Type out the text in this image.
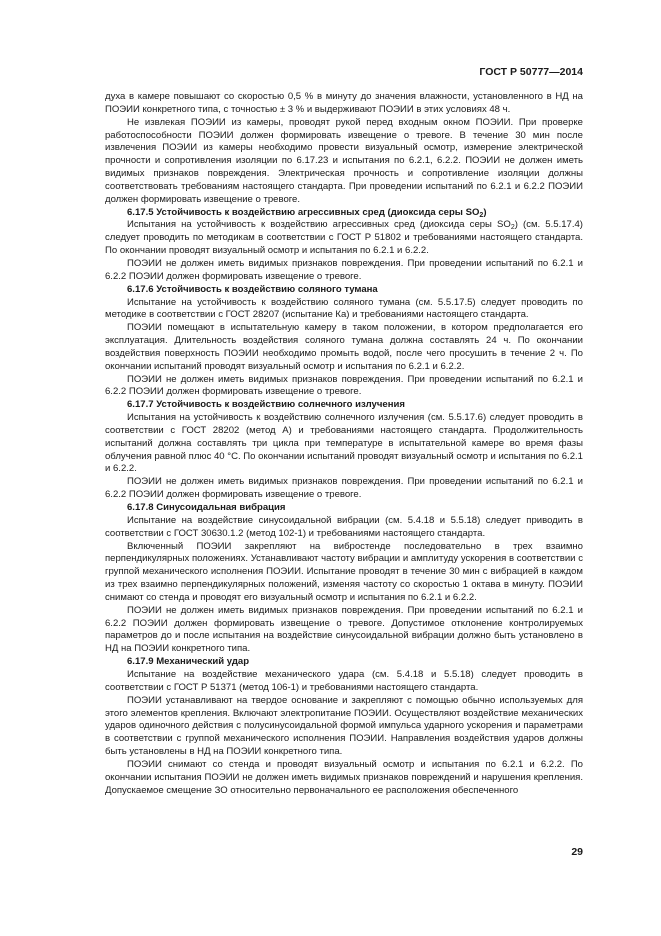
ГОСТ Р 50777—2014

духа в камере повышают со скоростью 0,5 % в минуту до значения влажности, установленного в НД на ПОЭИИ конкретного типа, с точностью ± 3 % и выдерживают ПОЭИИ в этих условиях 48 ч.

Не извлекая ПОЭИИ из камеры, проводят рукой перед входным окном ПОЭИИ. При проверке работоспособности ПОЭИИ должен формировать извещение о тревоге. В течение 30 мин после извлечения ПОЭИИ из камеры необходимо провести визуальный осмотр, измерение электрической прочности и сопротивления изоляции по 6.17.23 и испытания по 6.2.1, 6.2.2. ПОЭИИ не должен иметь видимых признаков повреждения. Электрическая прочность и сопротивление изоляции должны соответствовать требованиям настоящего стандарта. При проведении испытаний по 6.2.1 и 6.2.2 ПОЭИИ должен формировать извещение о тревоге.

6.17.5 Устойчивость к воздействию агрессивных сред (диоксида серы $SO_2$)

Испытания на устойчивость к воздействию агрессивных сред (диоксида серы $SO_2$) (см. 5.5.17.4) следует проводить по методикам в соответствии с ГОСТ Р 51802 и требованиями настоящего стандарта. По окончании проводят визуальный осмотр и испытания по 6.2.1 и 6.2.2.

ПОЭИИ не должен иметь видимых признаков повреждения. При проведении испытаний по 6.2.1 и 6.2.2 ПОЭИИ должен формировать извещение о тревоге.

6.17.6 Устойчивость к воздействию соляного тумана

Испытание на устойчивость к воздействию соляного тумана (см. 5.5.17.5) следует проводить по методике в соответствии с ГОСТ 28207 (испытание Ка) и требованиями настоящего стандарта.

ПОЭИИ помещают в испытательную камеру в таком положении, в котором предполагается его эксплуатация. Длительность воздействия соляного тумана должна составлять 24 ч. По окончании воздействия поверхность ПОЭИИ необходимо промыть водой, после чего просушить в течение 2 ч. По окончании испытаний проводят визуальный осмотр и испытания по 6.2.1 и 6.2.2.

ПОЭИИ не должен иметь видимых признаков повреждения. При проведении испытаний по 6.2.1 и 6.2.2 ПОЭИИ должен формировать извещение о тревоге.

6.17.7 Устойчивость к воздействию солнечного излучения

Испытания на устойчивость к воздействию солнечного излучения (см. 5.5.17.6) следует проводить в соответствии с ГОСТ 28202 (метод А) и требованиями настоящего стандарта. Продолжительность испытаний должна составлять три цикла при температуре в испытательной камере во время фазы облучения равной плюс 40 °С. По окончании испытаний проводят визуальный осмотр и испытания по 6.2.1 и 6.2.2.

ПОЭИИ не должен иметь видимых признаков повреждения. При проведении испытаний по 6.2.1 и 6.2.2 ПОЭИИ должен формировать извещение о тревоге.

6.17.8 Синусоидальная вибрация

Испытание на воздействие синусоидальной вибрации (см. 5.4.18 и 5.5.18) следует приводить в соответствии с ГОСТ 30630.1.2 (метод 102-1) и требованиями настоящего стандарта.

Включенный ПОЭИИ закрепляют на вибростенде последовательно в трех взаимно перпендикулярных положениях. Устанавливают частоту вибрации и амплитуду ускорения в соответствии с группой механического исполнения ПОЭИИ. Испытание проводят в течение 30 мин с вибрацией в каждом из трех взаимно перпендикулярных положений, изменяя частоту со скоростью 1 октава в минуту. ПОЭИИ снимают со стенда и проводят его визуальный осмотр и испытания по 6.2.1 и 6.2.2.

ПОЭИИ не должен иметь видимых признаков повреждения. При проведении испытаний по 6.2.1 и 6.2.2 ПОЭИИ должен формировать извещение о тревоге. Допустимое отклонение контролируемых параметров до и после испытания на воздействие синусоидальной вибрации должно быть установлено в НД на ПОЭИИ конкретного типа.

6.17.9 Механический удар

Испытание на воздействие механического удара (см. 5.4.18 и 5.5.18) следует проводить в соответствии с ГОСТ Р 51371 (метод 106-1) и требованиями настоящего стандарта.

ПОЭИИ устанавливают на твердое основание и закрепляют с помощью обычно используемых для этого элементов крепления. Включают электропитание ПОЭИИ. Осуществляют воздействие механических ударов одиночного действия с полусинусоидальной формой импульса ударного ускорения и параметрами в соответствии с группой механического исполнения ПОЭИИ. Направления воздействия ударов должны быть установлены в НД на ПОЭИИ конкретного типа.

ПОЭИИ снимают со стенда и проводят визуальный осмотр и испытания по 6.2.1 и 6.2.2. По окончании испытания ПОЭИИ не должен иметь видимых признаков повреждений и нарушения крепления. Допускаемое смещение ЗО относительно первоначального ее расположения обеспеченного

29
